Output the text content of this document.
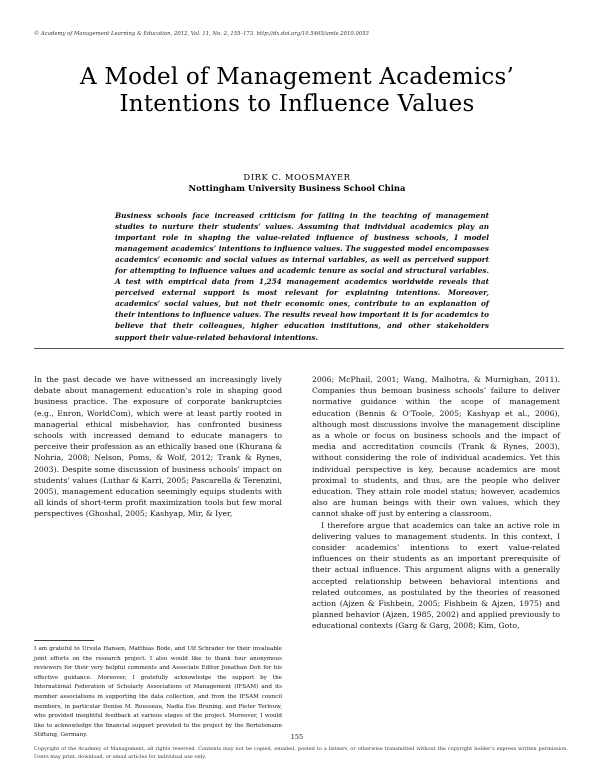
© Academy of Management Learning & Education, 2012, Vol. 11, No. 2, 155–173. http://dx.doi.org/10.5465/amle.2010.0053
A Model of Management Academics’ Intentions to Influence Values
DIRK C. MOOSMAYER
Nottingham University Business School China

Business schools face increased criticism for failing in the teaching of management studies to nurture their students’ values. Assuming that individual academics play an important role in shaping the value-related influence of business schools, I model management academics’ intentions to influence values. The suggested model encompasses academics’ economic and social values as internal variables, as well as perceived support for attempting to influence values and academic tenure as social and structural variables. A test with empirical data from 1,254 management academics worldwide reveals that perceived external support is most relevant for explaining intentions. Moreover, academics’ social values, but not their economic ones, contribute to an explanation of their intentions to influence values. The results reveal how important it is for academics to believe that their colleagues, higher education institutions, and other stakeholders support their value-related behavioral intentions.

In the past decade we have witnessed an increasingly lively debate about management education’s role in shaping good business practice. The exposure of corporate bankruptcies (e.g., Enron, WorldCom), which were at least partly rooted in managerial ethical misbehavior, has confronted business schools with increased demand to educate managers to perceive their profession as an ethically based one (Khurana & Nohria, 2008; Nelson, Poms, & Wolf, 2012; Trank & Rynes, 2003). Despite some discussion of business schools’ impact on students’ values (Luthar & Karri, 2005; Pascarella & Terenzini, 2005), management education seemingly equips students with all kinds of short-term profit maximization tools but few moral perspectives (Ghoshal, 2005; Kashyap, Mir, & Iyer,

2006; McPhail, 2001; Wang, Malhotra, & Murnighan, 2011). Companies thus bemoan business schools’ failure to deliver normative guidance within the scope of management education (Bennis & O’Toole, 2005; Kashyap et al., 2006), although most discussions involve the management discipline as a whole or focus on business schools and the impact of media and accreditation councils (Trank & Rynes, 2003), without considering the role of individual academics. Yet this individual perspective is key, because academics are most proximal to students, and thus, are the people who deliver education. They attain role model status; however, academics also are human beings with their own values, which they cannot shake off just by entering a classroom.

I therefore argue that academics can take an active role in delivering values to management students. In this context, I consider academics’ intentions to exert value-related influences on their students as an important prerequisite of their actual influence. This argument aligns with a generally accepted relationship between behavioral intentions and related outcomes, as postulated by the theories of reasoned action (Ajzen & Fishbein, 2005; Fishbein & Ajzen, 1975) and planned behavior (Ajzen, 1985, 2002) and applied previously to educational contexts (Garg & Garg, 2008; Kim, Goto,

I am grateful to Ursula Hansen, Matthias Bode, and Ulf Schrader for their invaluable joint efforts on the research project. I also would like to thank four anonymous reviewers for their very helpful comments and Associate Editor Jonathan Doh for his effective guidance. Moreover, I gratefully acknowledge the support by the International Federation of Scholarly Associations of Management (IFSAM) and its member associations in supporting the data collection, and from the IFSAM council members, in particular Denise M. Rousseau, Nadia Ese Bruning, and Pieter Terlouw, who provided insightful feedback at various stages of the project. Moreover, I would like to acknowledge the financial support provided to the project by the Bertelsmann Stiftung, Germany.	155

Copyright of the Academy of Management, all rights reserved. Contents may not be copied, emailed, posted to a listserv, or otherwise transmitted without the copyright holder’s express written permission. Users may print, download, or email articles for individual use only.
